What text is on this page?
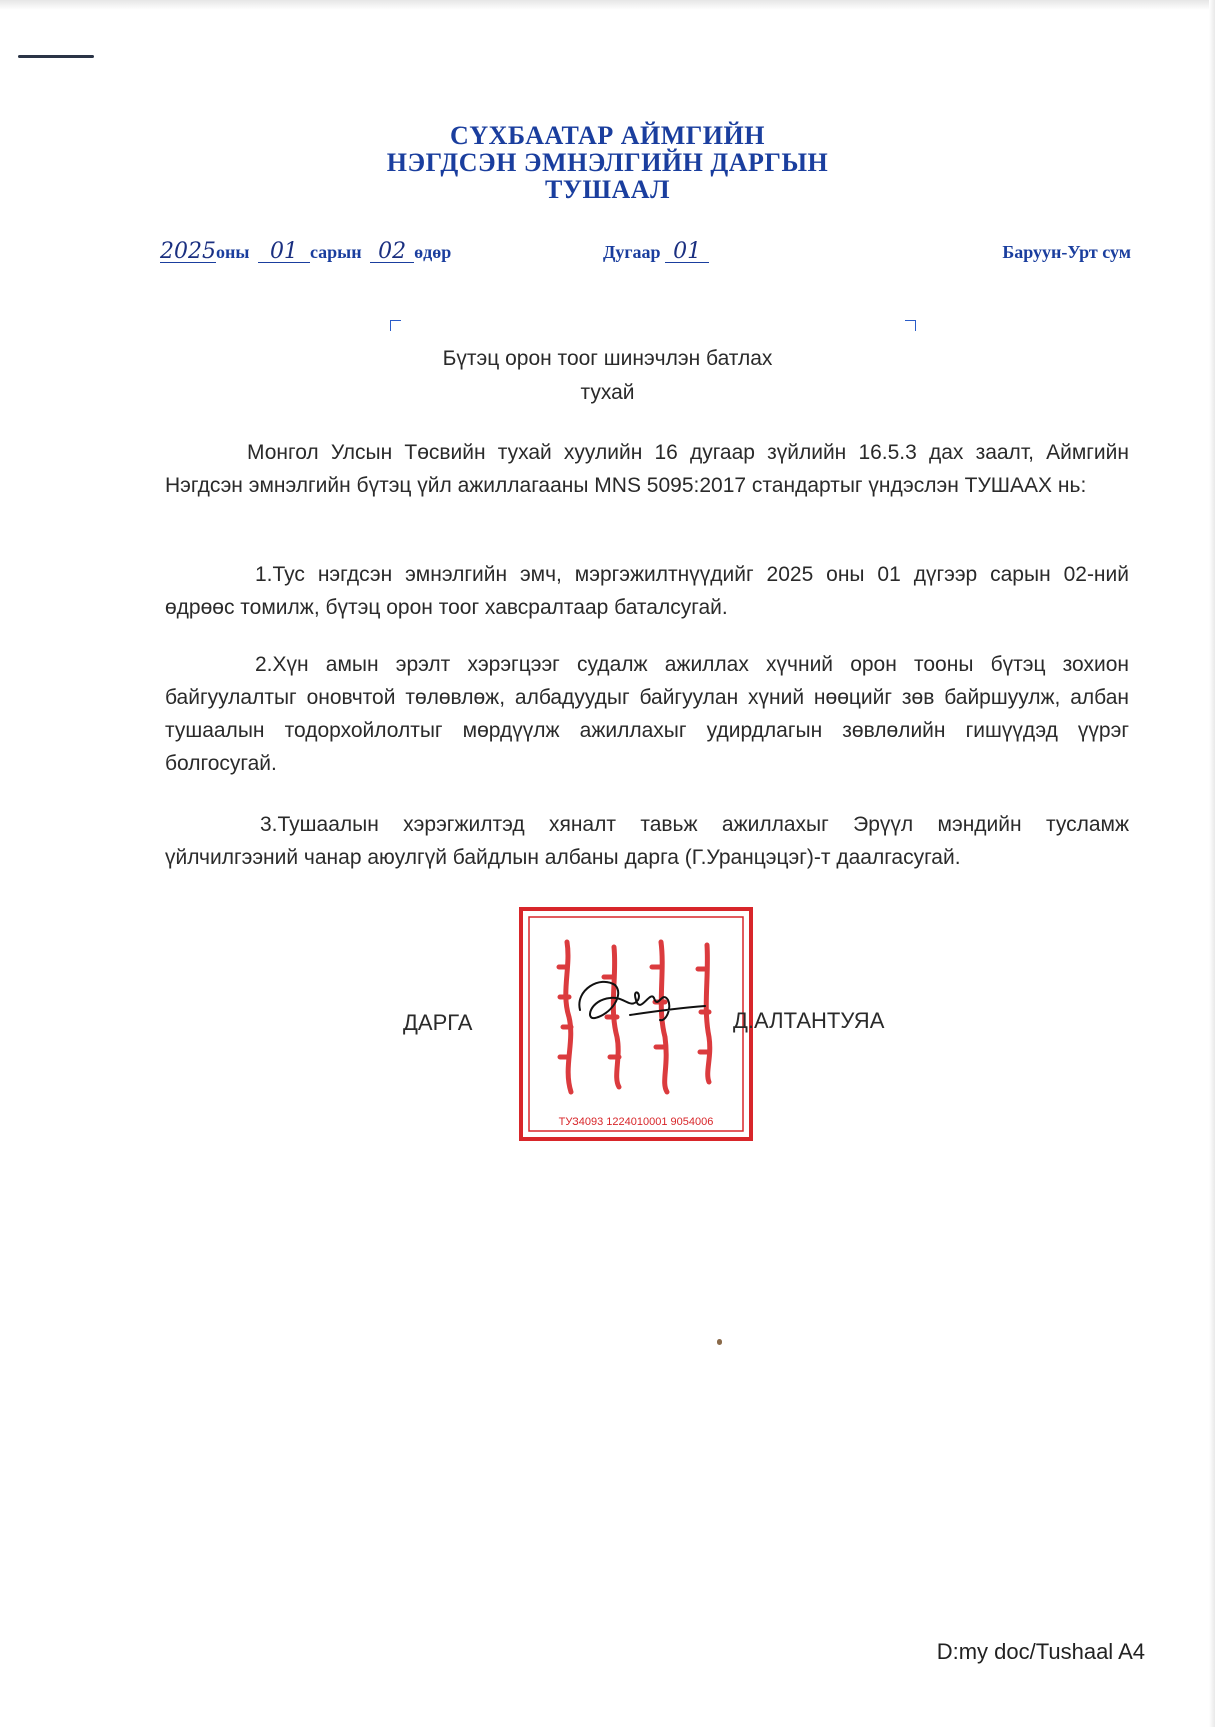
СҮХБААТАР АЙМГИЙН
НЭГДСЭН ЭМНЭЛГИЙН ДАРГЫН
ТУШААЛ
2025оны 01 сарын 02 өдөр	Дугаар 01	Баруун-Урт сум
Бүтэц орон тоог шинэчлэн батлах
тухай

Монгол Улсын Төсвийн тухай хуулийн 16 дугаар зүйлийн 16.5.3 дах заалт, Аймгийн Нэгдсэн эмнэлгийн бүтэц үйл ажиллагааны MNS 5095:2017 стандартыг үндэслэн ТУШААХ нь:

1.Тус нэгдсэн эмнэлгийн эмч, мэргэжилтнүүдийг 2025 оны 01 дүгээр сарын 02-ний өдрөөс томилж, бүтэц орон тоог хавсралтаар баталсугай.

2.Хүн амын эрэлт хэрэгцээг судалж ажиллах хүчний орон тооны бүтэц зохион байгуулалтыг оновчтой төлөвлөж, албадуудыг байгуулан хүний нөөцийг зөв байршуулж, албан тушаалын тодорхойлолтыг мөрдүүлж ажиллахыг удирдлагын зөвлөлийн гишүүдэд үүрэг болгосугай.

3.Тушаалын хэрэгжилтэд хяналт тавьж ажиллахыг Эрүүл мэндийн тусламж үйлчилгээний чанар аюулгүй байдлын албаны дарга (Г.Уранцэцэг)-т даалгасугай.

ТУЗ4093 1224010001 9054006
ДАРГА	Д.АЛТАНТУЯА
D:my doc/Tushaal A4
